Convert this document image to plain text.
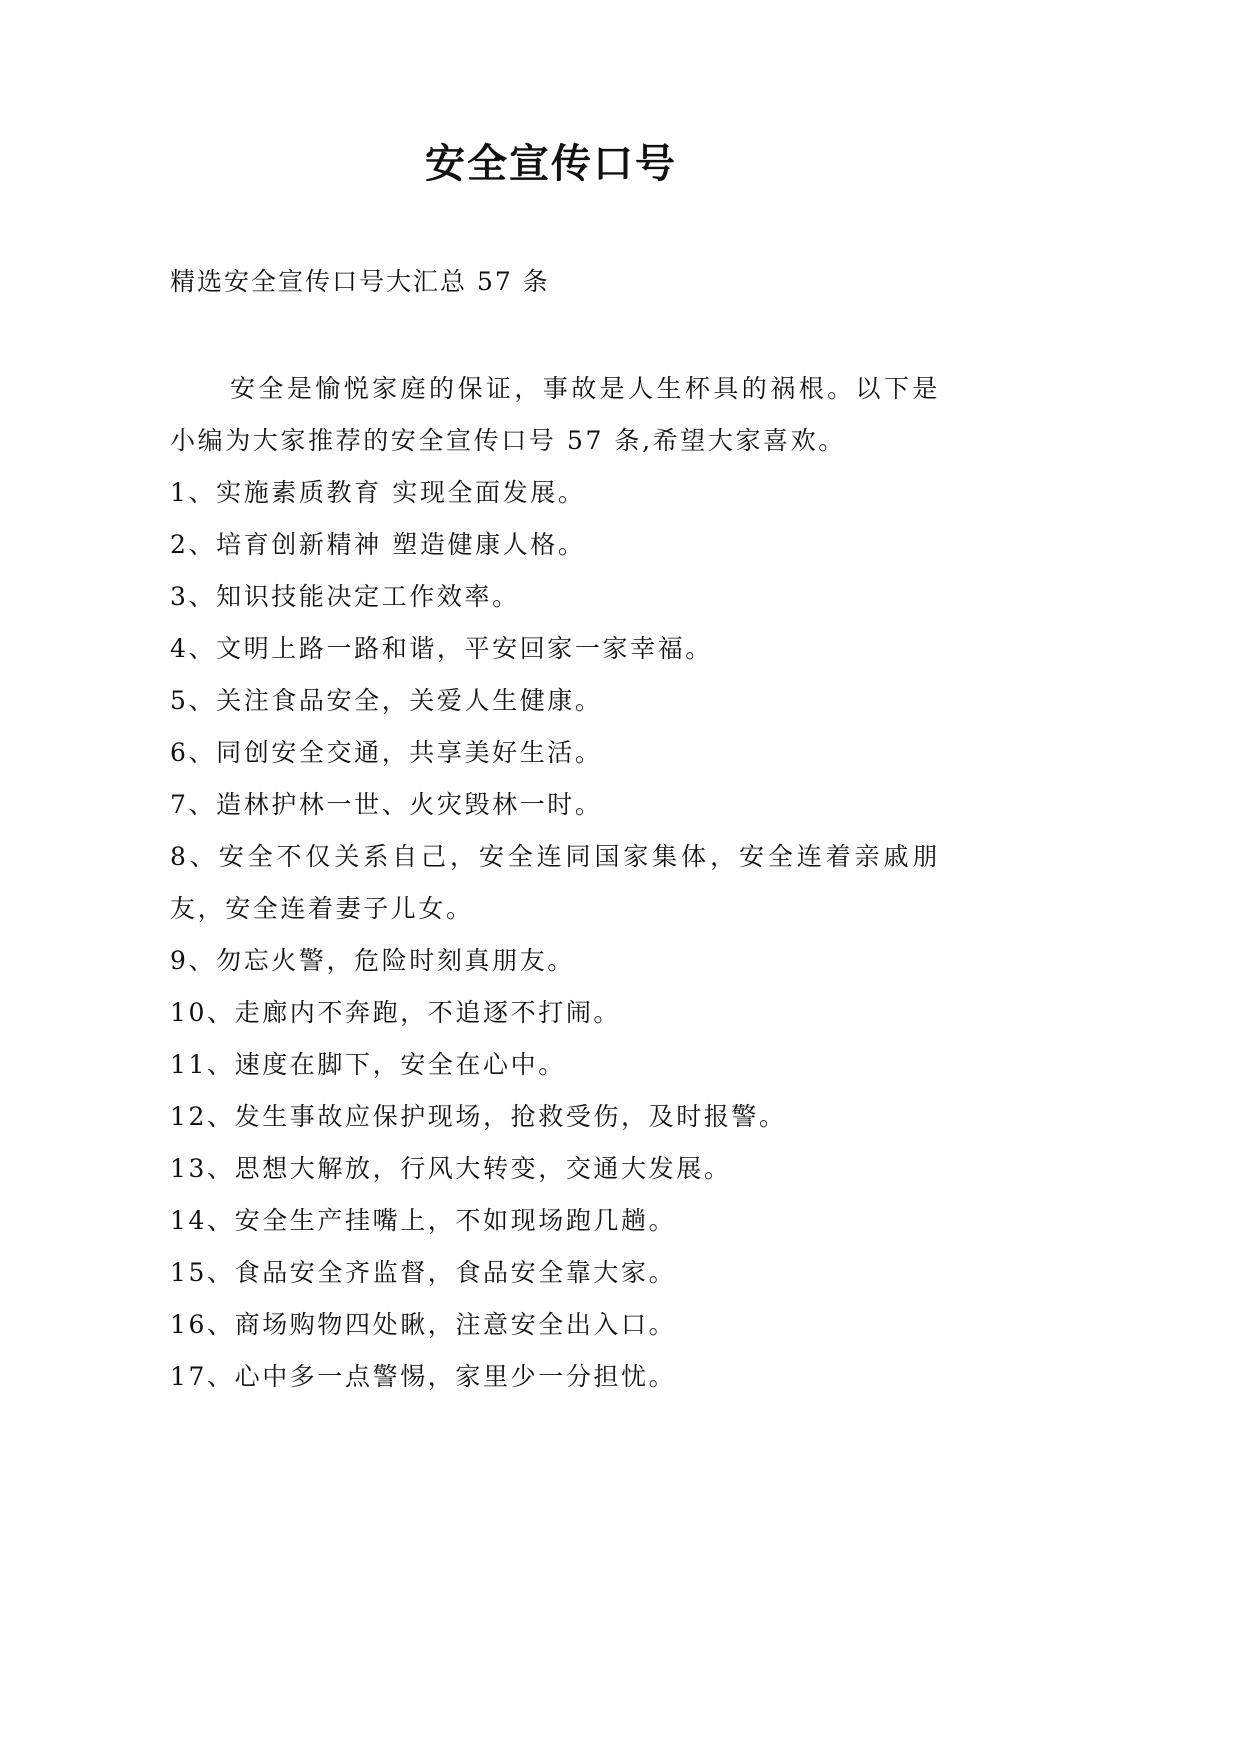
安全宣传口号
精选安全宣传口号大汇总 57 条

安全是愉悦家庭的保证，事故是人生杯具的祸根。以下是小编为大家推荐的安全宣传口号 57 条,希望大家喜欢。

1、实施素质教育 实现全面发展。

2、培育创新精神 塑造健康人格。

3、知识技能决定工作效率。

4、文明上路一路和谐，平安回家一家幸福。

5、关注食品安全，关爱人生健康。

6、同创安全交通，共享美好生活。

7、造林护林一世、火灾毁林一时。

8、安全不仅关系自己，安全连同国家集体，安全连着亲戚朋友，安全连着妻子儿女。

9、勿忘火警，危险时刻真朋友。

10、走廊内不奔跑，不追逐不打闹。

11、速度在脚下，安全在心中。

12、发生事故应保护现场，抢救受伤，及时报警。

13、思想大解放，行风大转变，交通大发展。

14、安全生产挂嘴上，不如现场跑几趟。

15、食品安全齐监督，食品安全靠大家。

16、商场购物四处瞅，注意安全出入口。

17、心中多一点警惕，家里少一分担忧。
